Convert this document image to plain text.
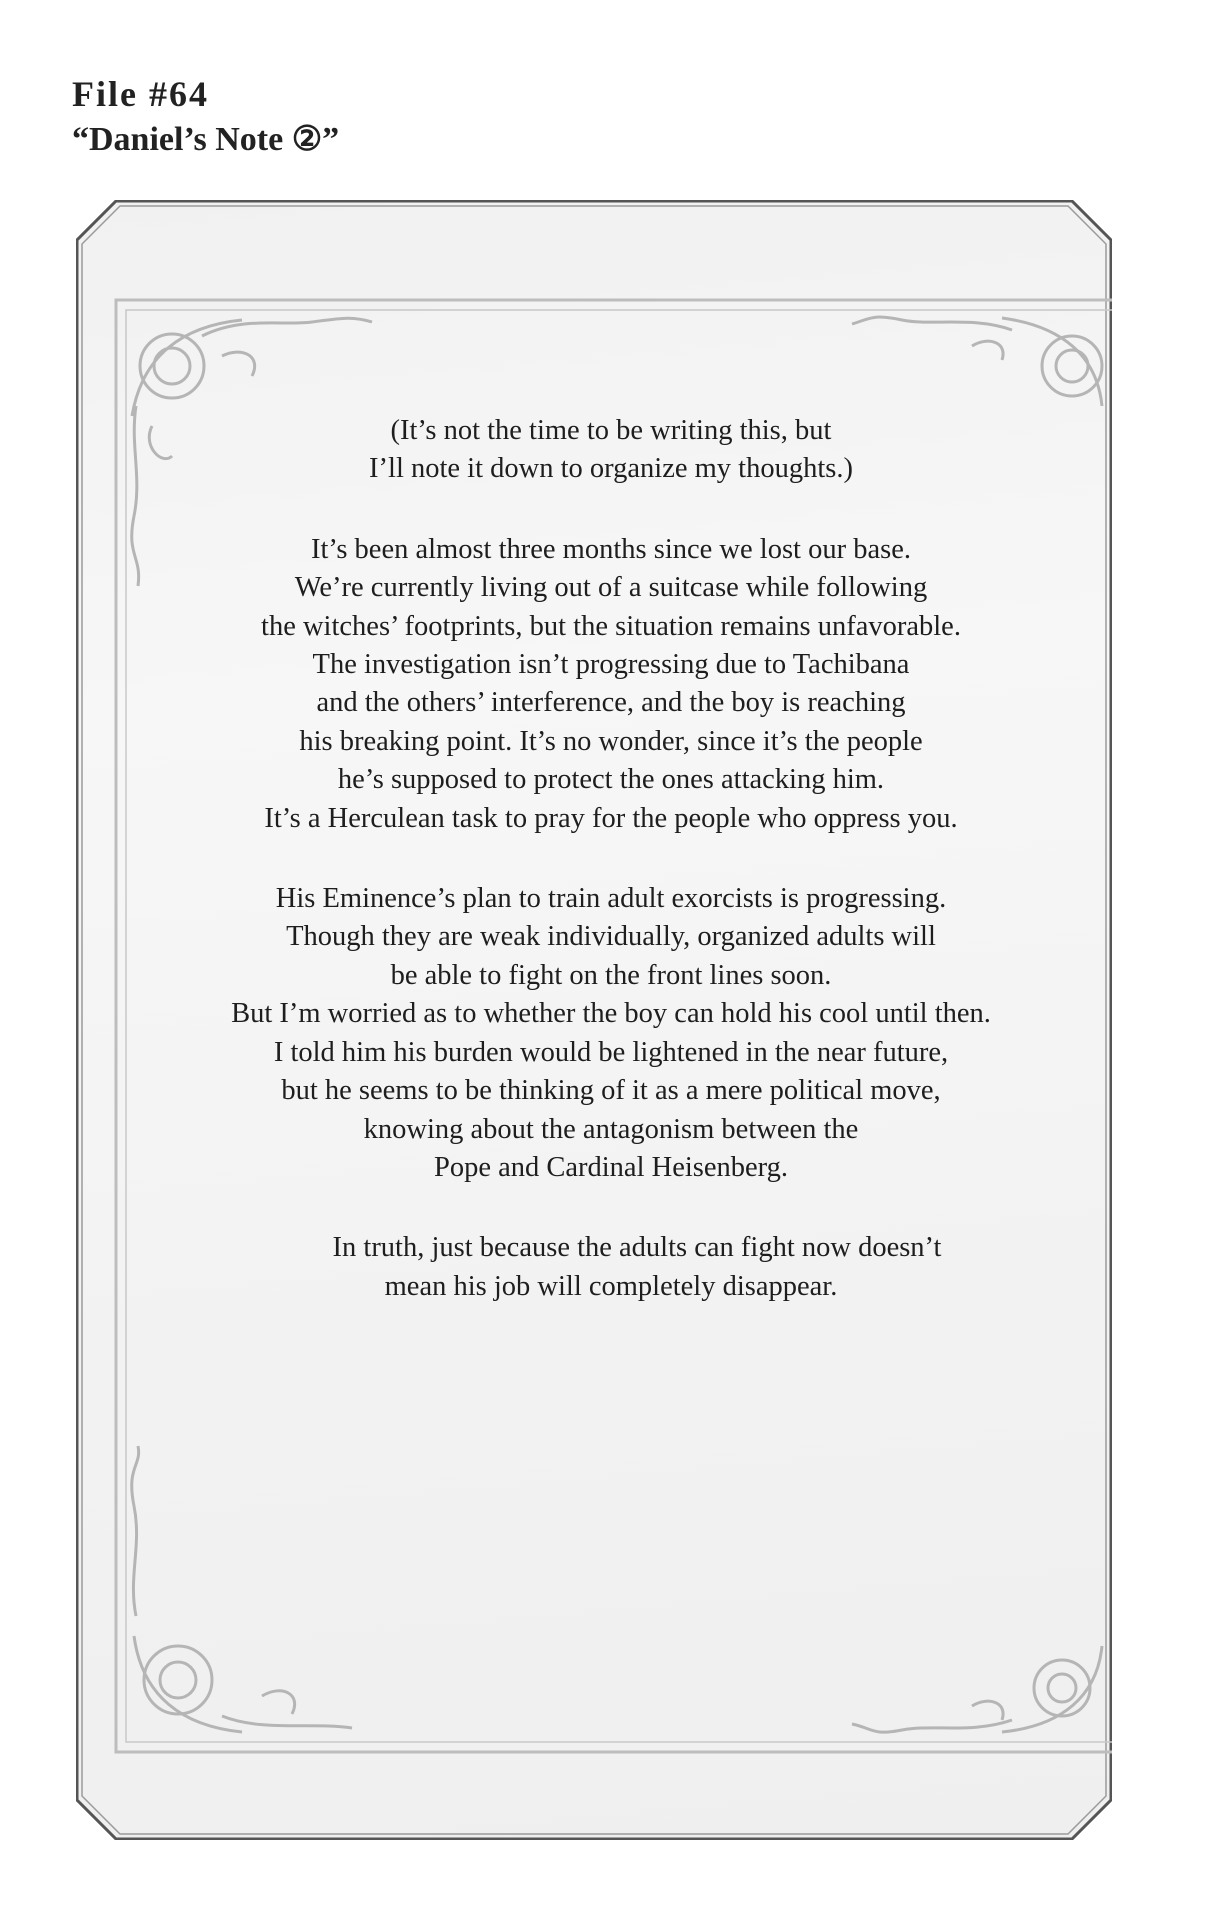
File #64
“Daniel’s Note ②”
(It’s not the time to be writing this, but
I’ll note it down to organize my thoughts.)
It’s been almost three months since we lost our base.
We’re currently living out of a suitcase while following
the witches’ footprints, but the situation remains unfavorable.
The investigation isn’t progressing due to Tachibana
and the others’ interference, and the boy is reaching
his breaking point. It’s no wonder, since it’s the people
he’s supposed to protect the ones attacking him.
It’s a Herculean task to pray for the people who oppress you.
His Eminence’s plan to train adult exorcists is progressing.
Though they are weak individually, organized adults will
be able to fight on the front lines soon.
But I’m worried as to whether the boy can hold his cool until then.
I told him his burden would be lightened in the near future,
but he seems to be thinking of it as a mere political move,
knowing about the antagonism between the
Pope and Cardinal Heisenberg.
In truth, just because the adults can fight now doesn’t
mean his job will completely disappear.
